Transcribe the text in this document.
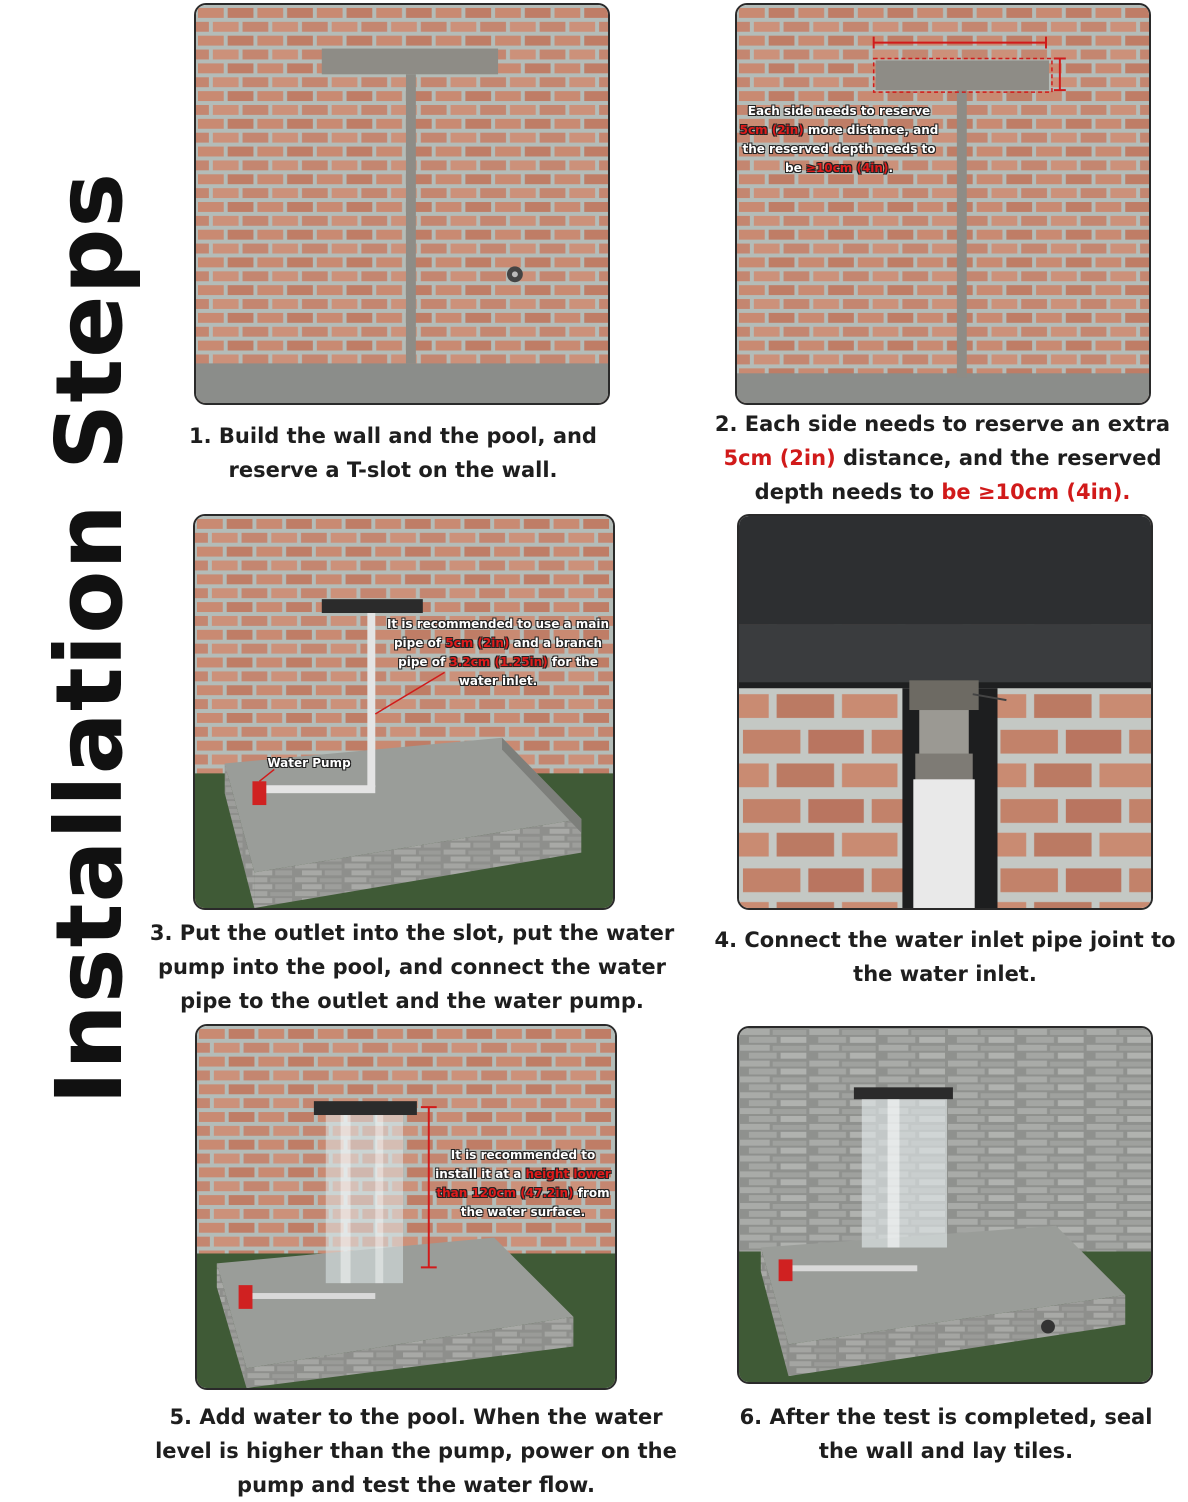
Installation Steps	1. Build the wall and the pool, and reserve a T-slot on the wall.
Each side needs to reserve 5cm (2in) more distance, and the reserved depth needs to be ≥10cm (4in).
2. Each side needs to reserve an extra 5cm (2in) distance, and the reserved depth needs to be ≥10cm (4in).
It is recommended to use a main pipe of 5cm (2in) and a branch pipe of 3.2cm (1.25in) for the water inlet.
Water Pump
3. Put the outlet into the slot, put the water pump into the pool, and connect the water pipe to the outlet and the water pump.
4. Connect the water inlet pipe joint to the water inlet.
It is recommended to install it at a height lower than 120cm (47.2in) from the water surface.
5. Add water to the pool. When the water level is higher than the pump, power on the pump and test the water flow.
6. After the test is completed, seal the wall and lay tiles.
